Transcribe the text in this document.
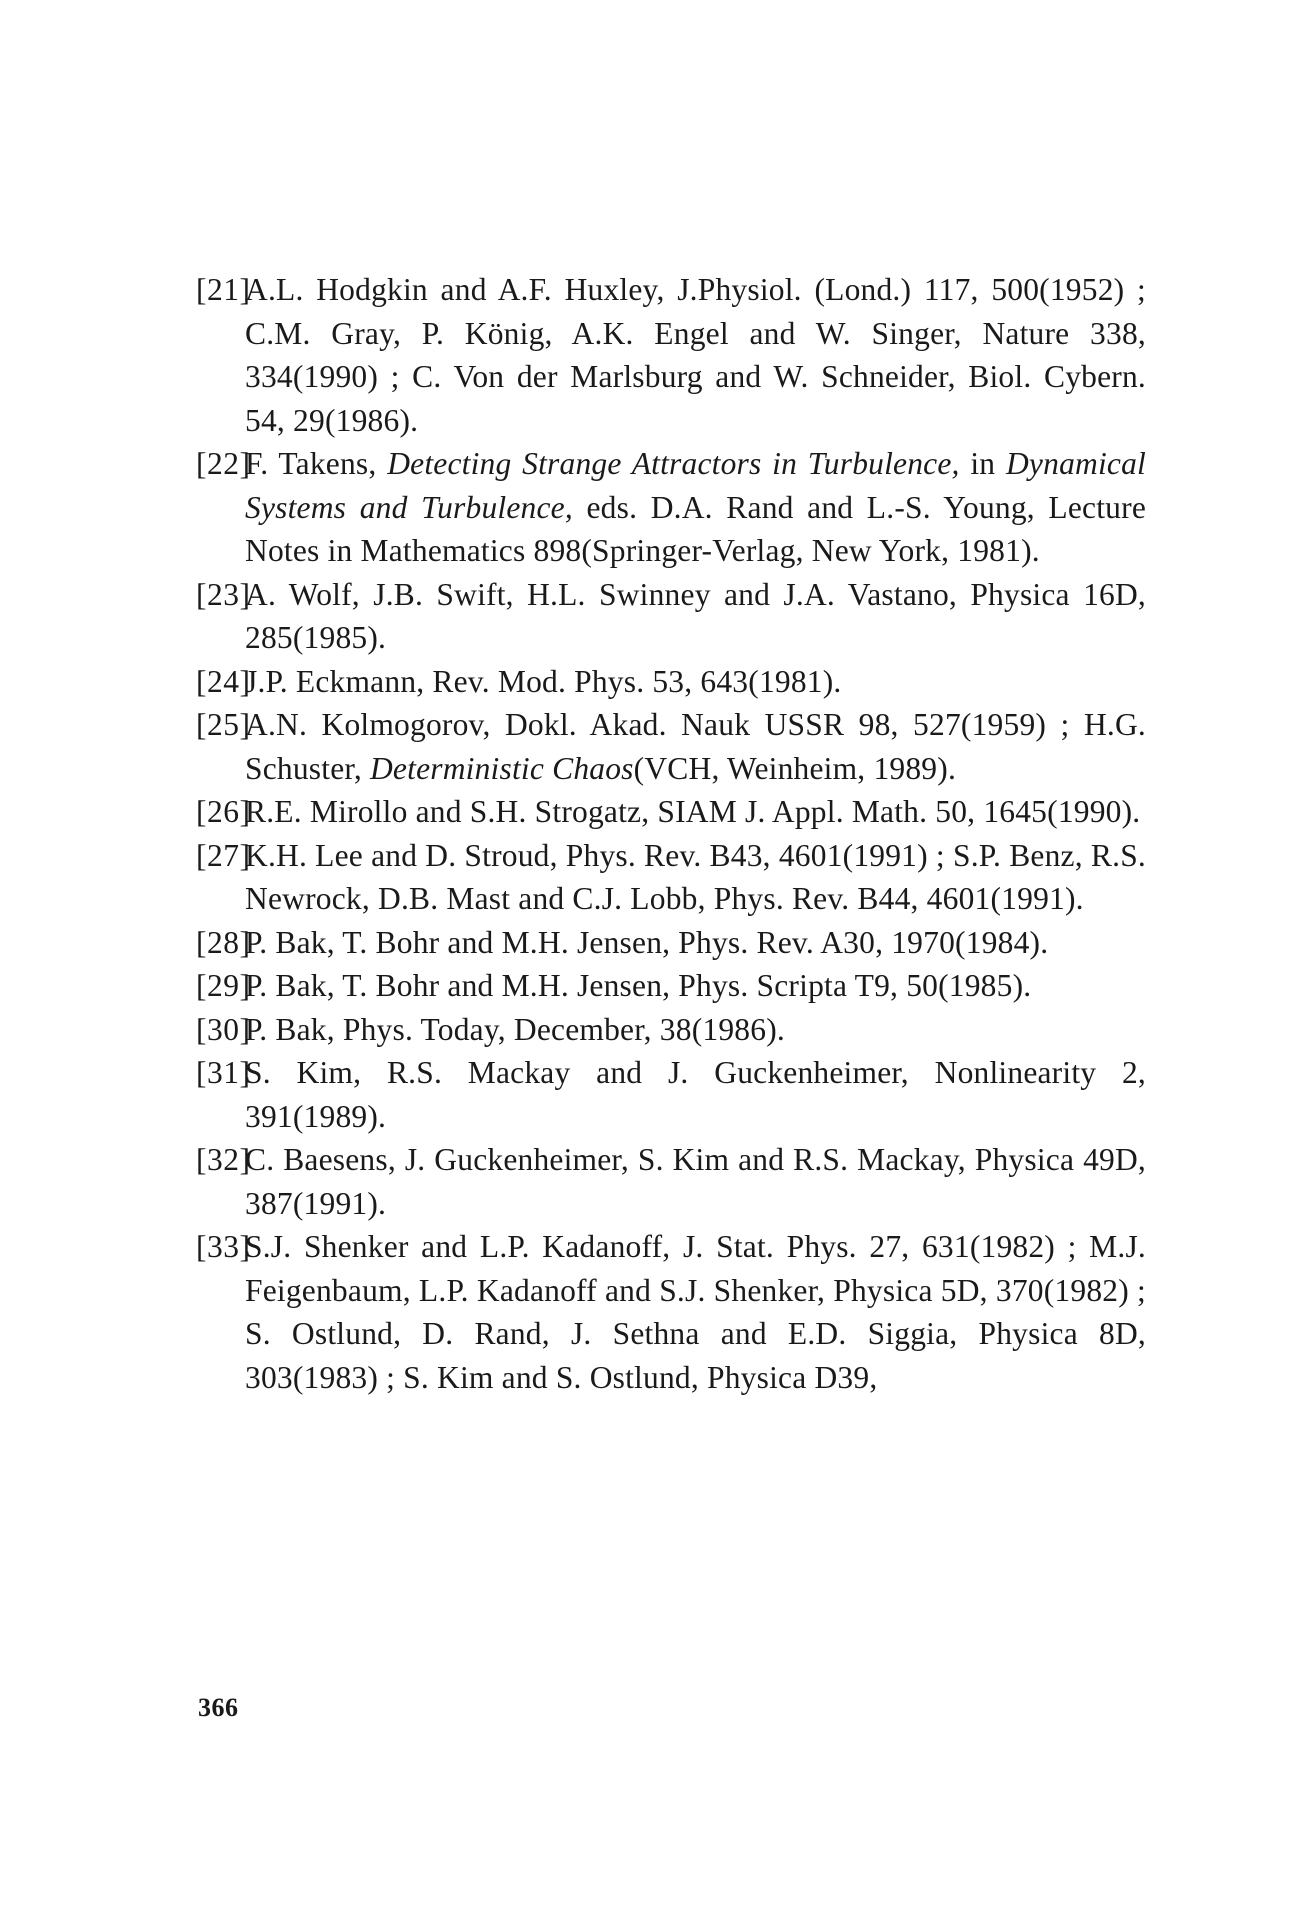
[21]
A.L. Hodgkin and A.F. Huxley, J.Physiol. (Lond.) 117, 500(1952) ; C.M. Gray, P. König, A.K. Engel and W. Singer, Nature 338, 334(1990) ; C. Von der Marlsburg and W. Schneider, Biol. Cybern. 54, 29(1986).
[22]
F. Takens, Detecting Strange Attractors in Turbulence, in Dynamical Systems and Turbulence, eds. D.A. Rand and L.-S. Young, Lecture Notes in Mathematics 898(Springer-Verlag, New York, 1981).
[23]
A. Wolf, J.B. Swift, H.L. Swinney and J.A. Vastano, Physica 16D, 285(1985).
[24]
J.P. Eckmann, Rev. Mod. Phys. 53, 643(1981).
[25]
A.N. Kolmogorov, Dokl. Akad. Nauk USSR 98, 527(1959) ; H.G. Schuster, Deterministic Chaos(VCH, Weinheim, 1989).
[26]
R.E. Mirollo and S.H. Strogatz, SIAM J. Appl. Math. 50, 1645(1990).
[27]
K.H. Lee and D. Stroud, Phys. Rev. B43, 4601(1991) ; S.P. Benz, R.S. Newrock, D.B. Mast and C.J. Lobb, Phys. Rev. B44, 4601(1991).
[28]
P. Bak, T. Bohr and M.H. Jensen, Phys. Rev. A30, 1970(1984).
[29]
P. Bak, T. Bohr and M.H. Jensen, Phys. Scripta T9, 50(1985).
[30]
P. Bak, Phys. Today, December, 38(1986).
[31]
S. Kim, R.S. Mackay and J. Guckenheimer, Nonlinearity 2, 391(1989).
[32]
C. Baesens, J. Guckenheimer, S. Kim and R.S. Mackay, Physica 49D, 387(1991).
[33]
S.J. Shenker and L.P. Kadanoff, J. Stat. Phys. 27, 631(1982) ; M.J. Feigenbaum, L.P. Kadanoff and S.J. Shenker, Physica 5D, 370(1982) ; S. Ostlund, D. Rand, J. Sethna and E.D. Siggia, Physica 8D, 303(1983) ; S. Kim and S. Ostlund, Physica D39,
366
